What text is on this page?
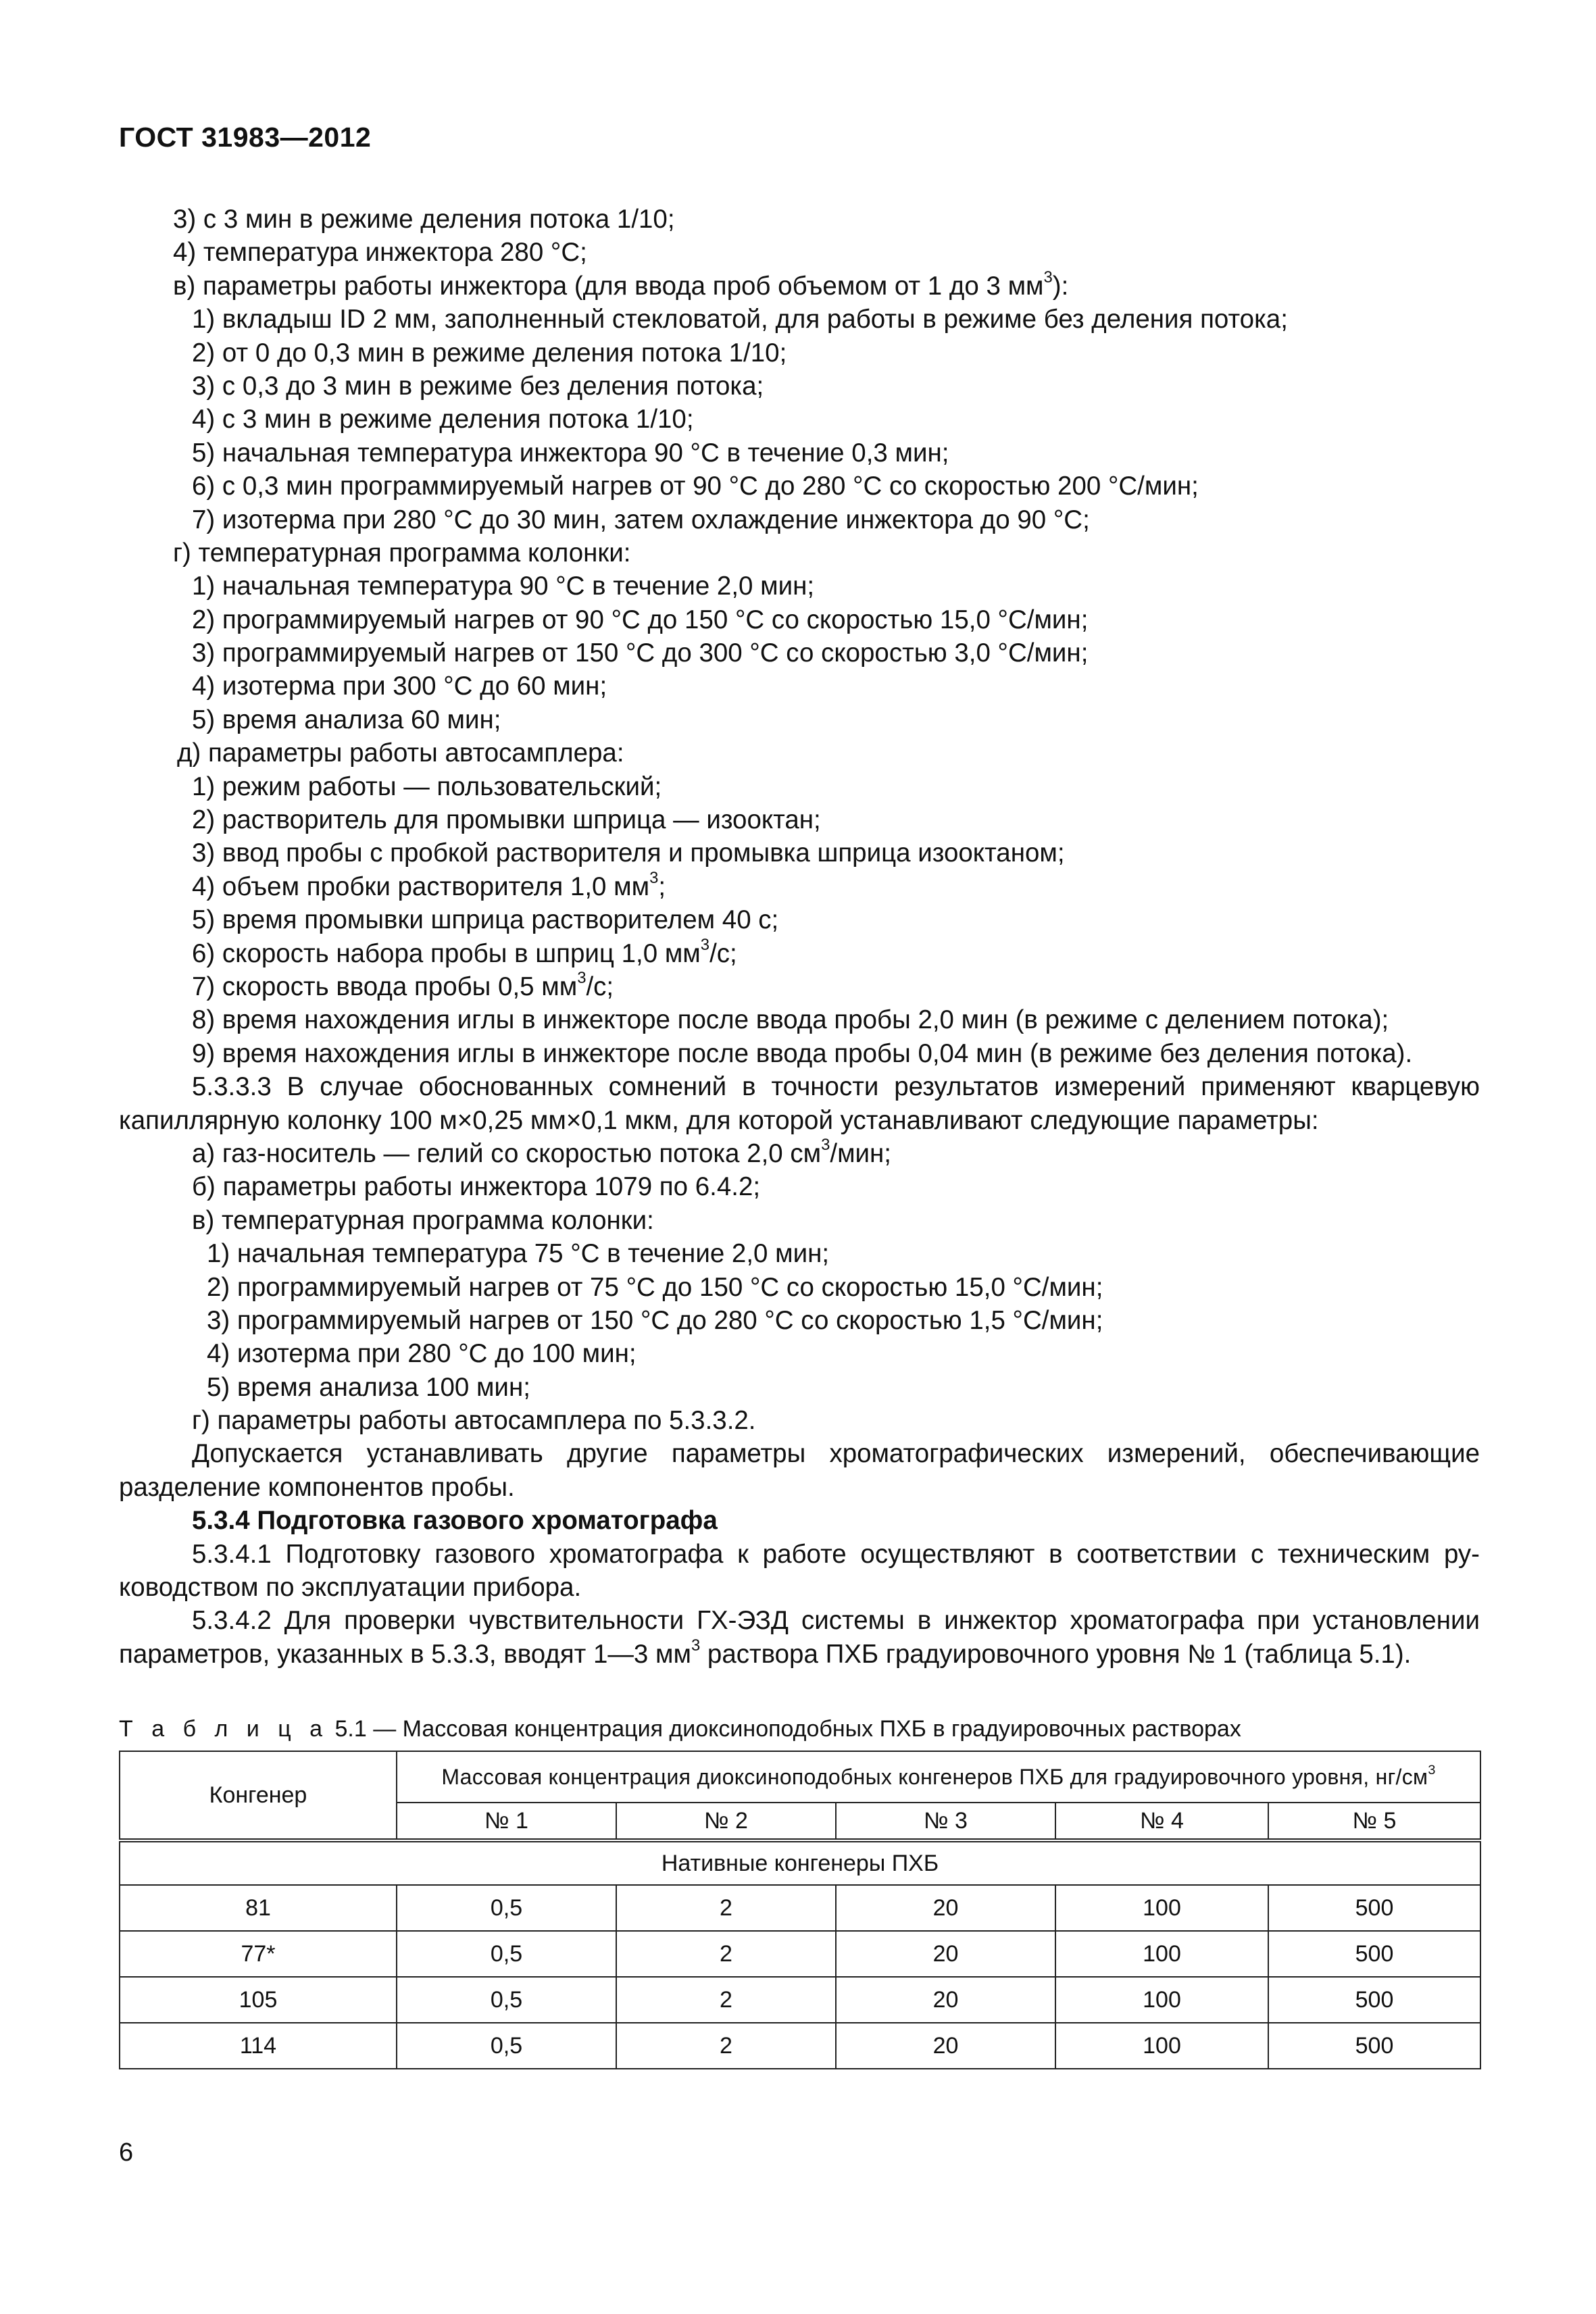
ГОСТ 31983—2012
3) с 3 мин в режиме деления потока 1/10;
4) температура инжектора 280 °С;
в) параметры работы инжектора (для ввода проб объемом от 1 до 3 $мм^3$):
1) вкладыш ID 2 мм, заполненный стекловатой, для работы в режиме без деления потока;
2) от 0 до 0,3 мин в режиме деления потока 1/10;
3) с 0,3 до 3 мин в режиме без деления потока;
4) с 3 мин в режиме деления потока 1/10;
5) начальная температура инжектора 90 °С в течение 0,3 мин;
6) с 0,3 мин программируемый нагрев от 90 °С до 280 °С со скоростью 200 °С/мин;
7) изотерма при 280 °С до 30 мин, затем охлаждение инжектора до 90 °С;
г) температурная программа колонки:
1) начальная температура 90 °С в течение 2,0 мин;
2) программируемый нагрев от 90 °С до 150 °С со скоростью 15,0 °С/мин;
3) программируемый нагрев от 150 °С до 300 °С со скоростью 3,0 °С/мин;
4) изотерма при 300 °С до 60 мин;
5) время анализа 60 мин;
д) параметры работы автосамплера:
1) режим работы — пользовательский;
2) растворитель для промывки шприца — изооктан;
3) ввод пробы с пробкой растворителя и промывка шприца изооктаном;
4) объем пробки растворителя 1,0 $мм^3$;
5) время промывки шприца растворителем 40 с;
6) скорость набора пробы в шприц 1,0 $мм^3/с$;
7) скорость ввода пробы 0,5 $мм^3/с$;
8) время нахождения иглы в инжекторе после ввода пробы 2,0 мин (в режиме с делением потока);
9) время нахождения иглы в инжекторе после ввода пробы 0,04 мин (в режиме без деления потока).
5.3.3.3 В случае обоснованных сомнений в точности результатов измерений применяют кварцевую
капиллярную колонку 100 м×0,25 мм×0,1 мкм, для которой устанавливают следующие параметры:
а) газ-носитель — гелий со скоростью потока 2,0 $см^3$/мин;
б) параметры работы инжектора 1079 по 6.4.2;
в) температурная программа колонки:
1) начальная температура 75 °С в течение 2,0 мин;
2) программируемый нагрев от 75 °С до 150 °С со скоростью 15,0 °С/мин;
3) программируемый нагрев от 150 °С до 280 °С со скоростью 1,5 °С/мин;
4) изотерма при 280 °С до 100 мин;
5) время анализа 100 мин;
г) параметры работы автосамплера по 5.3.3.2.
Допускается устанавливать другие параметры хроматографических измерений, обеспечивающие
разделение компонентов пробы.
5.3.4 Подготовка газового хроматографа
5.3.4.1 Подготовку газового хроматографа к работе осуществляют в соответствии с техническим ру-
ководством по эксплуатации прибора.
5.3.4.2 Для проверки чувствительности ГХ-ЭЗД системы в инжектор хроматографа при установлении
параметров, указанных в 5.3.3, вводят 1—3 $мм^3$ раствора ПХБ градуировочного уровня № 1 (таблица 5.1).
Т а б л и ц а 5.1 — Массовая концентрация диоксиноподобных ПХБ в градуировочных растворах
Конгенер	Массовая концентрация диоксиноподобных конгенеров ПХБ для градуировочного уровня, $нг/см^3$
	№ 1	№ 2	№ 3	№ 4	№ 5
Нативные конгенеры ПХБ					
81	0,5	2	20	100	500
77*	0,5	2	20	100	500
105	0,5	2	20	100	500
114	0,5	2	20	100	500
6
